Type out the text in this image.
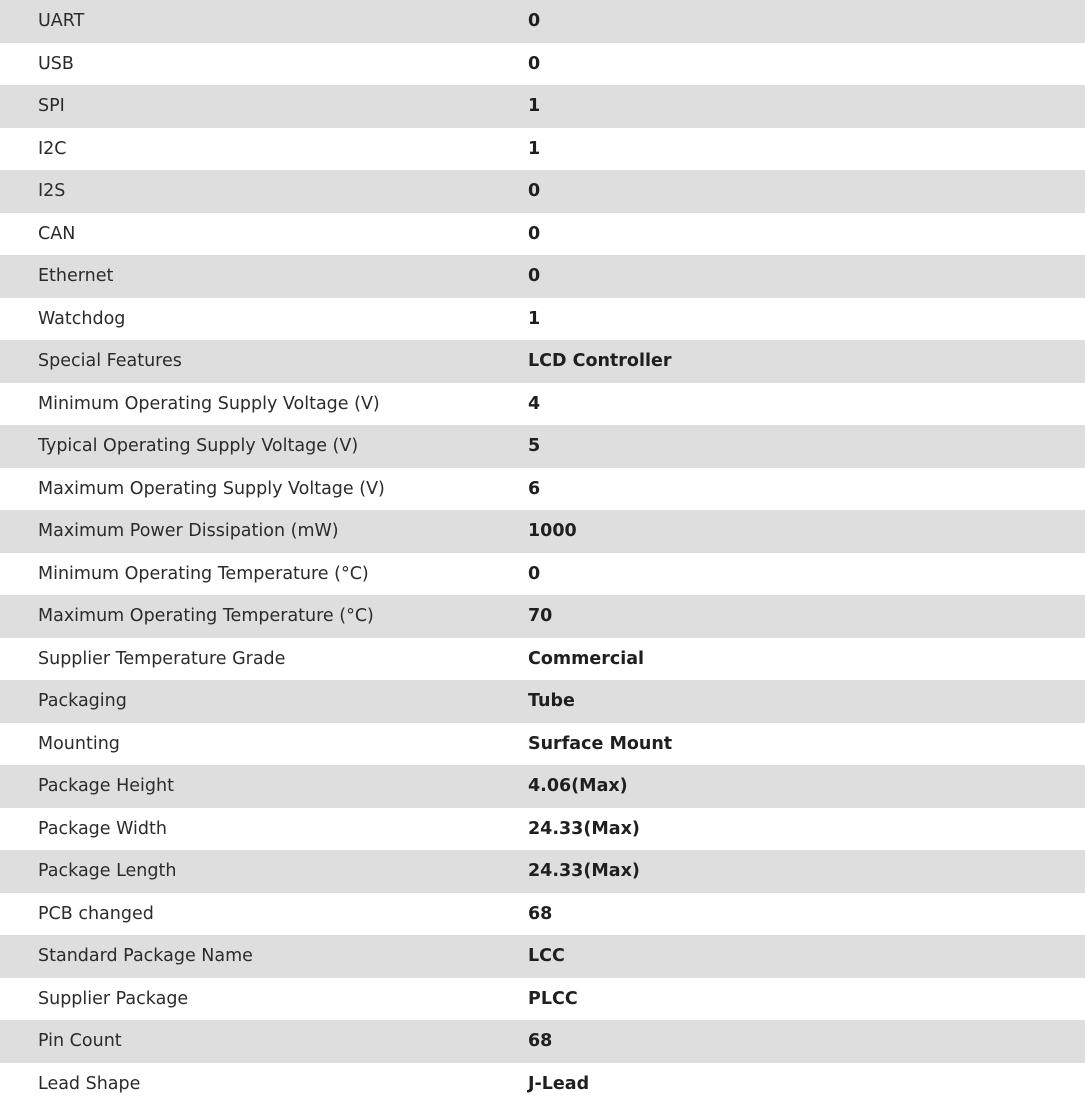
UART	0
USB	0
SPI	1
I2C	1
I2S	0
CAN	0
Ethernet	0
Watchdog	1
Special Features	LCD Controller
Minimum Operating Supply Voltage (V)	4
Typical Operating Supply Voltage (V)	5
Maximum Operating Supply Voltage (V)	6
Maximum Power Dissipation (mW)	1000
Minimum Operating Temperature (°C)	0
Maximum Operating Temperature (°C)	70
Supplier Temperature Grade	Commercial
Packaging	Tube
Mounting	Surface Mount
Package Height	4.06(Max)
Package Width	24.33(Max)
Package Length	24.33(Max)
PCB changed	68
Standard Package Name	LCC
Supplier Package	PLCC
Pin Count	68
Lead Shape	J-Lead
